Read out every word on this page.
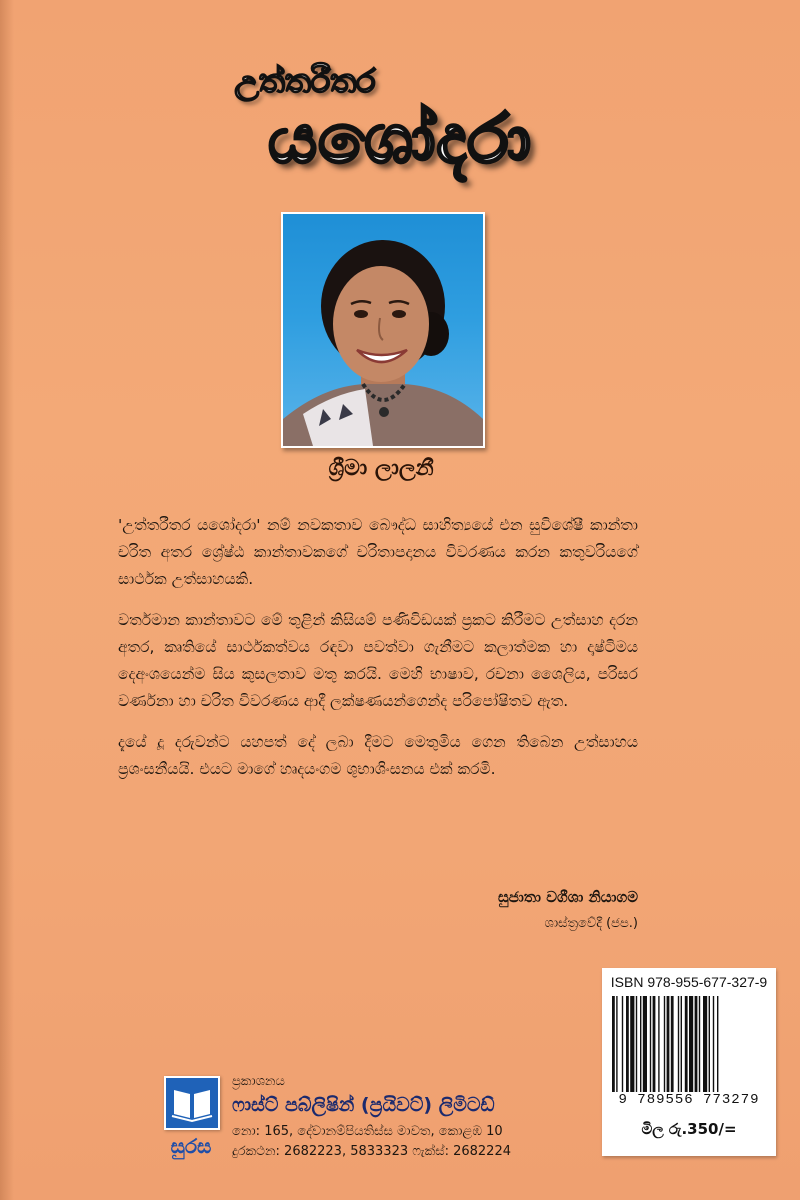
උත්තරීතර
යශෝදරා
ශ්‍රීමා ලාලනී

'උත්තරීතර යශෝදරා' නම් නවකතාව බෞද්ධ සාහිත්‍යයේ එන සුවිශේෂී කාන්තා චරිත අතර ශ්‍රේෂ්ඨ කාන්තාවකගේ චරිතාපදානය විවරණය කරන කතුවරියගේ සාර්ථක උත්සාහයකි.

වර්තමාන කාන්තාවට මේ තුළින් කිසියම් පණිවිඩයක් ප්‍රකට කිරීමට උත්සාහ දරන අතර, කෘතියේ සාර්ථකත්වය රඳවා පවත්වා ගැනීමට කලාත්මක හා දෘෂ්ටිමය දෙඅංශයෙන්ම සිය කුසලතාව මතු කරයි. මෙහි භාෂාව, රචනා ශෛලිය, පරිසර වර්ණනා හා චරිත විවරණය ආදී ලක්ෂණයන්ගෙන්ද පරිපෝෂිතව ඇත.

දැයේ දූ දරුවන්ට යහපත් දේ ලබා දීමට මෙතුමිය ගෙන තිබෙන උත්සාහය ප්‍රශංසනීයයි. එයට මාගේ හෘදයංගම ශුභාශිංසනය එක් කරමි.

සුජාතා වගීශා නියාගම
ශාස්ත්‍රවේදී (ජප.)
ISBN 978-955-677-327-9
9 789556 773279
මිල රු.350/=
සුරස
ප්‍රකාශනය
ෆාස්ට් පබ්ලිෂින් (ප්‍රයිවට්) ලිමිටඩ්
නො: 165, දේවානම්පියතිස්ස මාවත, කොළඹ 10
දුරකථන: 2682223, 5833323 ෆැක්ස්: 2682224
